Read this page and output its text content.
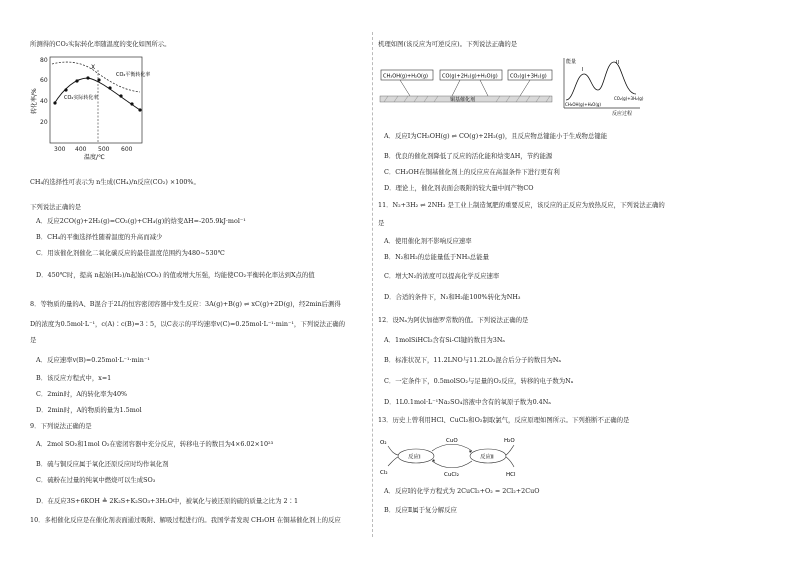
所测得的CO₂实际转化率随温度的变化如图所示。
转化率/%
80
60
40
20
300 400 500 600
X
CO₂平衡转化率
CO₂实际转化率
温度/℃
CH₄的选择性可表示为 n生成(CH₄)/n反应(CO₂) ×100%。
下列说法正确的是
A．反应2CO(g)+2H₂(g)=CO₂(g)+CH₄(g)的焓变ΔH=-205.9kJ·mol⁻¹
B．CH₄的平衡选择性随着温度的升高而减少
C．用该催化剂催化二氧化碳反应的最佳温度范围约为480~530℃
D．450℃时，提高 n起始(H₂)/n起始(CO₂) 的值或增大压强，均能使CO₂平衡转化率达到X点的值
8．等物质的量的A、B混合于2L的恒容密闭容器中发生反应：3A(g)+B(g) ⇌ xC(g)+2D(g)，经2min后测得
D的浓度为0.5mol·L⁻¹，c(A)∶c(B)=3∶5，以C表示的平均速率v(C)=0.25mol·L⁻¹·min⁻¹，下列说法正确的
是
A．反应速率v(B)=0.25mol·L⁻¹·min⁻¹
B．该反应方程式中，x=1
C．2min时，A的转化率为40%
D．2min时，A的物质的量为1.5mol
9．下列说法正确的是
A．2mol SO₂和1mol O₂在密闭容器中充分反应，转移电子的数目为4×6.02×10²³
B．硫与铜反应属于氧化还原反应时均作氧化剂
C．硫粉在过量的纯氧中燃烧可以生成SO₃
D．在反应3S+6KOH ≜ 2K₂S+K₂SO₃+3H₂O中，被氧化与被还原的硫的质量之比为 2∶1
10．多相催化反应是在催化剂表面通过吸附、解吸过程进行的。我国学者发现 CH₃OH 在铜基催化剂上的反应
机理如图(该反应为可逆反应)。下列说法正确的是
CH₃OH(g)+H₂O(g)	CO(g)+2H₂(g)+H₂O(g) CO₂(g)+3H₂(g)
铜基催化剂
能量
I
II
CH₃OH(g)+H₂O(g)
CO₂(g)+3H₂(g)
反应过程
A．反应Ⅰ为CH₃OH(g) ⇌ CO(g)+2H₂(g)，且反应物总键能小于生成物总键能
B．优良的催化剂降低了反应的活化能和焓变ΔH，节约能源
C．CH₃OH在铜基催化剂上的反应应在高温条件下进行更有利
D．理论上，催化剂表面会吸附的较大量中间产物CO
11．N₂+3H₂ ⇌ 2NH₃ 是工业上制造氮肥的重要反应，该反应的正反应为放热反应，下列说法正确的
是
A．使用催化剂不影响反应速率
B．N₂和H₂的总能量低于NH₃总能量
C．增大N₂的浓度可以提高化学反应速率
D．合适的条件下，N₂和H₂能100%转化为NH₃
12．设Nₐ为阿伏加德罗常数的值。下列说法正确的是
A．1molSiHCl₃含有Si-Cl键的数目为3Nₐ
B．标准状况下，11.2LNO与11.2LO₂混合后分子的数目为Nₐ
C．一定条件下，0.5molSO₂与足量的O₂反应，转移的电子数为Nₐ
D．1L0.1mol·L⁻¹Na₂SO₄溶液中含有的氧原子数为0.4Nₐ
13．历史上曾利用HCl、CuCl₂和O₂制取氯气，反应原理如图所示。下列推断不正确的是
反应Ⅰ	反应Ⅱ
CuO
CuCl₂
O₂
Cl₂
H₂O
HCl
A．反应Ⅰ的化学方程式为 2CuCl₂+O₂ = 2Cl₂+2CuO
B．反应Ⅱ属于复分解反应
